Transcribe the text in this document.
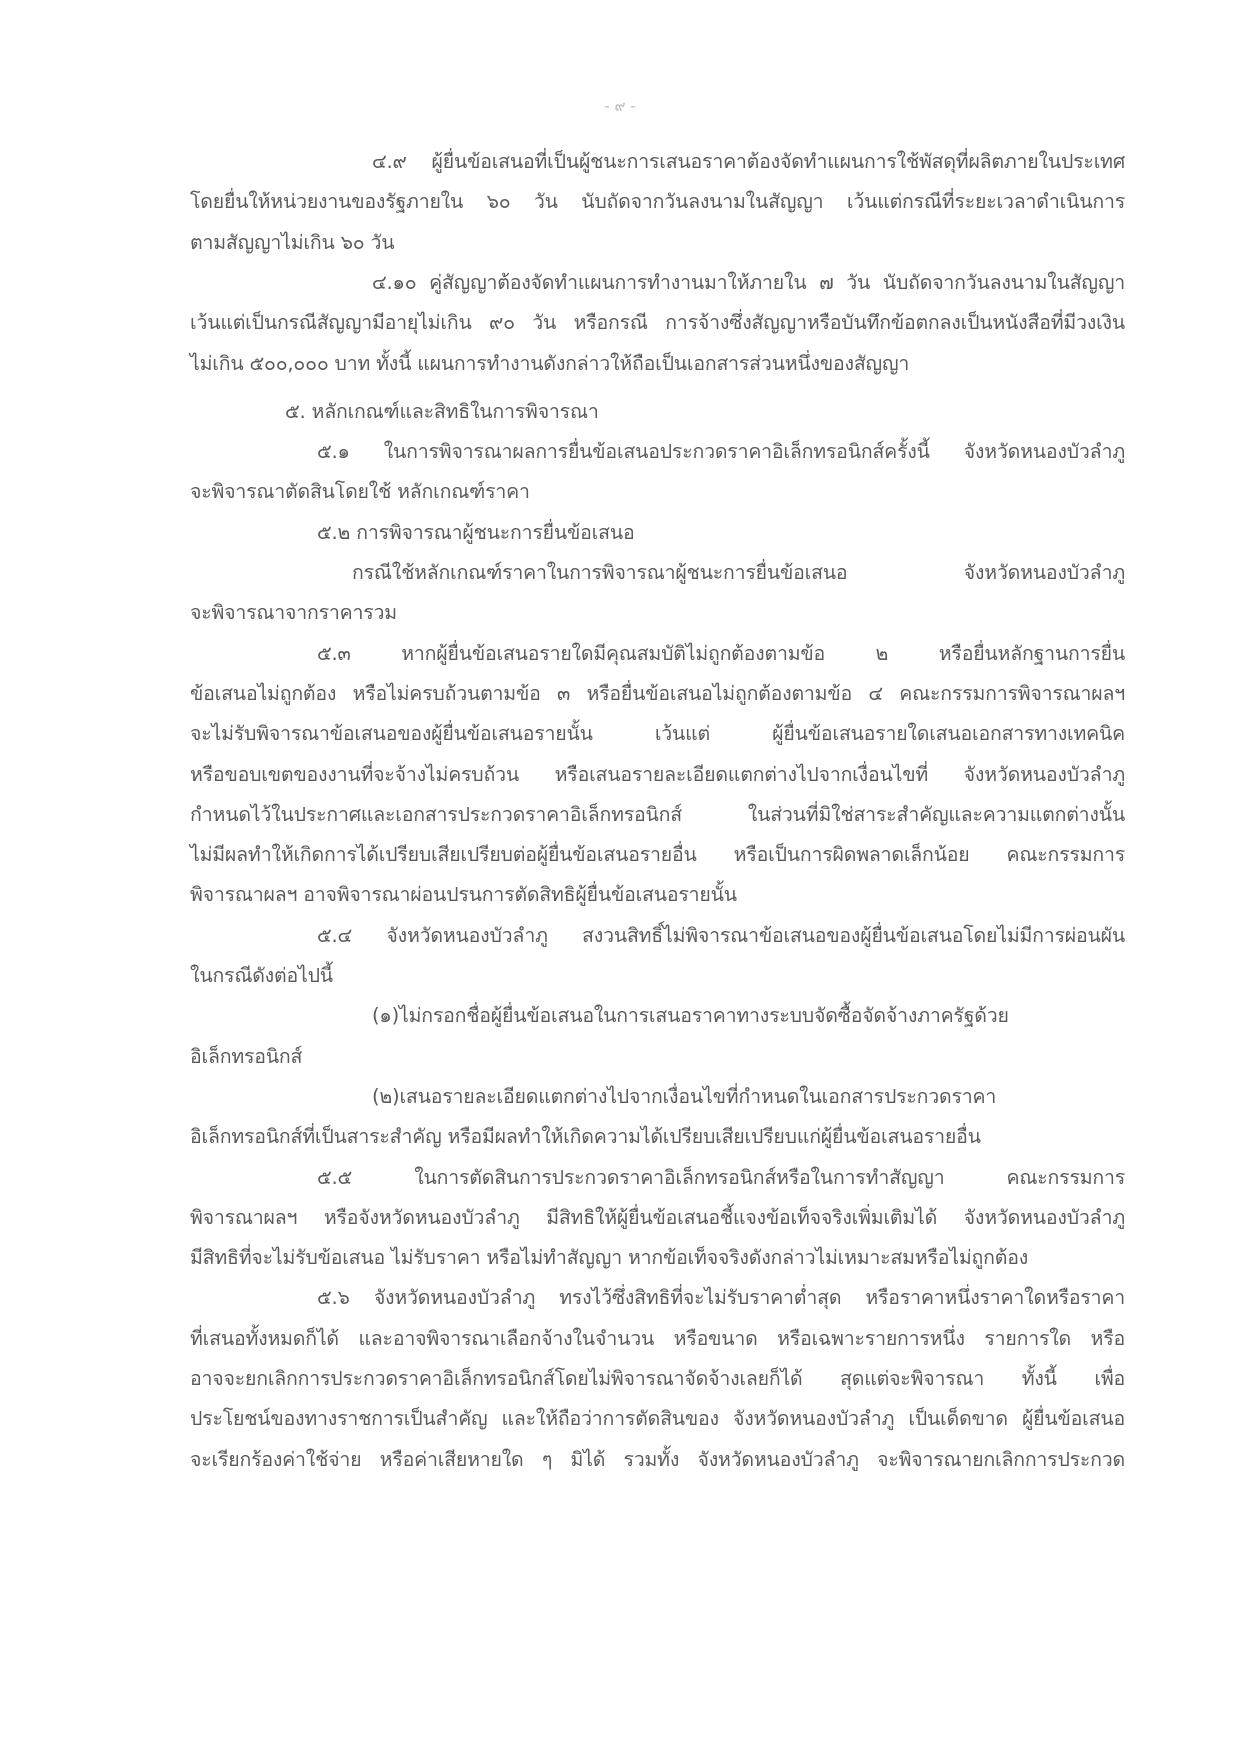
- ๙ -
๔.๙ ผู้ยื่นข้อเสนอที่เป็นผู้ชนะการเสนอราคาต้องจัดทำแผนการใช้พัสดุที่ผลิตภายในประเทศ
โดยยื่นให้หน่วยงานของรัฐภายใน ๖๐ วัน นับถัดจากวันลงนามในสัญญา เว้นแต่กรณีที่ระยะเวลาดำเนินการ
ตามสัญญาไม่เกิน ๖๐ วัน
๔.๑๐ คู่สัญญาต้องจัดทำแผนการทำงานมาให้ภายใน ๗ วัน นับถัดจากวันลงนามในสัญญา
เว้นแต่เป็นกรณีสัญญามีอายุไม่เกิน ๙๐ วัน หรือกรณี การจ้างซึ่งสัญญาหรือบันทึกข้อตกลงเป็นหนังสือที่มีวงเงิน
ไม่เกิน ๕๐๐,๐๐๐ บาท ทั้งนี้ แผนการทำงานดังกล่าวให้ถือเป็นเอกสารส่วนหนึ่งของสัญญา
๕. หลักเกณฑ์และสิทธิในการพิจารณา
๕.๑ ในการพิจารณาผลการยื่นข้อเสนอประกวดราคาอิเล็กทรอนิกส์ครั้งนี้ จังหวัดหนองบัวลำภู
จะพิจารณาตัดสินโดยใช้ หลักเกณฑ์ราคา
๕.๒ การพิจารณาผู้ชนะการยื่นข้อเสนอ
กรณีใช้หลักเกณฑ์ราคาในการพิจารณาผู้ชนะการยื่นข้อเสนอ จังหวัดหนองบัวลำภู
จะพิจารณาจากราคารวม
๕.๓ หากผู้ยื่นข้อเสนอรายใดมีคุณสมบัติไม่ถูกต้องตามข้อ ๒ หรือยื่นหลักฐานการยื่น
ข้อเสนอไม่ถูกต้อง หรือไม่ครบถ้วนตามข้อ ๓ หรือยื่นข้อเสนอไม่ถูกต้องตามข้อ ๔ คณะกรรมการพิจารณาผลฯ
จะไม่รับพิจารณาข้อเสนอของผู้ยื่นข้อเสนอรายนั้น เว้นแต่ ผู้ยื่นข้อเสนอรายใดเสนอเอกสารทางเทคนิค
หรือขอบเขตของงานที่จะจ้างไม่ครบถ้วน หรือเสนอรายละเอียดแตกต่างไปจากเงื่อนไขที่ จังหวัดหนองบัวลำภู
กำหนดไว้ในประกาศและเอกสารประกวดราคาอิเล็กทรอนิกส์ ในส่วนที่มิใช่สาระสำคัญและความแตกต่างนั้น
ไม่มีผลทำให้เกิดการได้เปรียบเสียเปรียบต่อผู้ยื่นข้อเสนอรายอื่น หรือเป็นการผิดพลาดเล็กน้อย คณะกรรมการ
พิจารณาผลฯ อาจพิจารณาผ่อนปรนการตัดสิทธิผู้ยื่นข้อเสนอรายนั้น
๕.๔ จังหวัดหนองบัวลำภู สงวนสิทธิ์ไม่พิจารณาข้อเสนอของผู้ยื่นข้อเสนอโดยไม่มีการผ่อนผัน
ในกรณีดังต่อไปนี้
(๑)ไม่กรอกชื่อผู้ยื่นข้อเสนอในการเสนอราคาทางระบบจัดซื้อจัดจ้างภาครัฐด้วย
อิเล็กทรอนิกส์
(๒)เสนอรายละเอียดแตกต่างไปจากเงื่อนไขที่กำหนดในเอกสารประกวดราคา
อิเล็กทรอนิกส์ที่เป็นสาระสำคัญ หรือมีผลทำให้เกิดความได้เปรียบเสียเปรียบแก่ผู้ยื่นข้อเสนอรายอื่น
๕.๕ ในการตัดสินการประกวดราคาอิเล็กทรอนิกส์หรือในการทำสัญญา คณะกรรมการ
พิจารณาผลฯ หรือจังหวัดหนองบัวลำภู มีสิทธิให้ผู้ยื่นข้อเสนอชี้แจงข้อเท็จจริงเพิ่มเติมได้ จังหวัดหนองบัวลำภู
มีสิทธิที่จะไม่รับข้อเสนอ ไม่รับราคา หรือไม่ทำสัญญา หากข้อเท็จจริงดังกล่าวไม่เหมาะสมหรือไม่ถูกต้อง
๕.๖ จังหวัดหนองบัวลำภู ทรงไว้ซึ่งสิทธิที่จะไม่รับราคาต่ำสุด หรือราคาหนึ่งราคาใดหรือราคา
ที่เสนอทั้งหมดก็ได้ และอาจพิจารณาเลือกจ้างในจำนวน หรือขนาด หรือเฉพาะรายการหนึ่ง รายการใด หรือ
อาจจะยกเลิกการประกวดราคาอิเล็กทรอนิกส์โดยไม่พิจารณาจัดจ้างเลยก็ได้ สุดแต่จะพิจารณา ทั้งนี้ เพื่อ
ประโยชน์ของทางราชการเป็นสำคัญ และให้ถือว่าการตัดสินของ จังหวัดหนองบัวลำภู เป็นเด็ดขาด ผู้ยื่นข้อเสนอ
จะเรียกร้องค่าใช้จ่าย หรือค่าเสียหายใด ๆ มิได้ รวมทั้ง จังหวัดหนองบัวลำภู จะพิจารณายกเลิกการประกวด
